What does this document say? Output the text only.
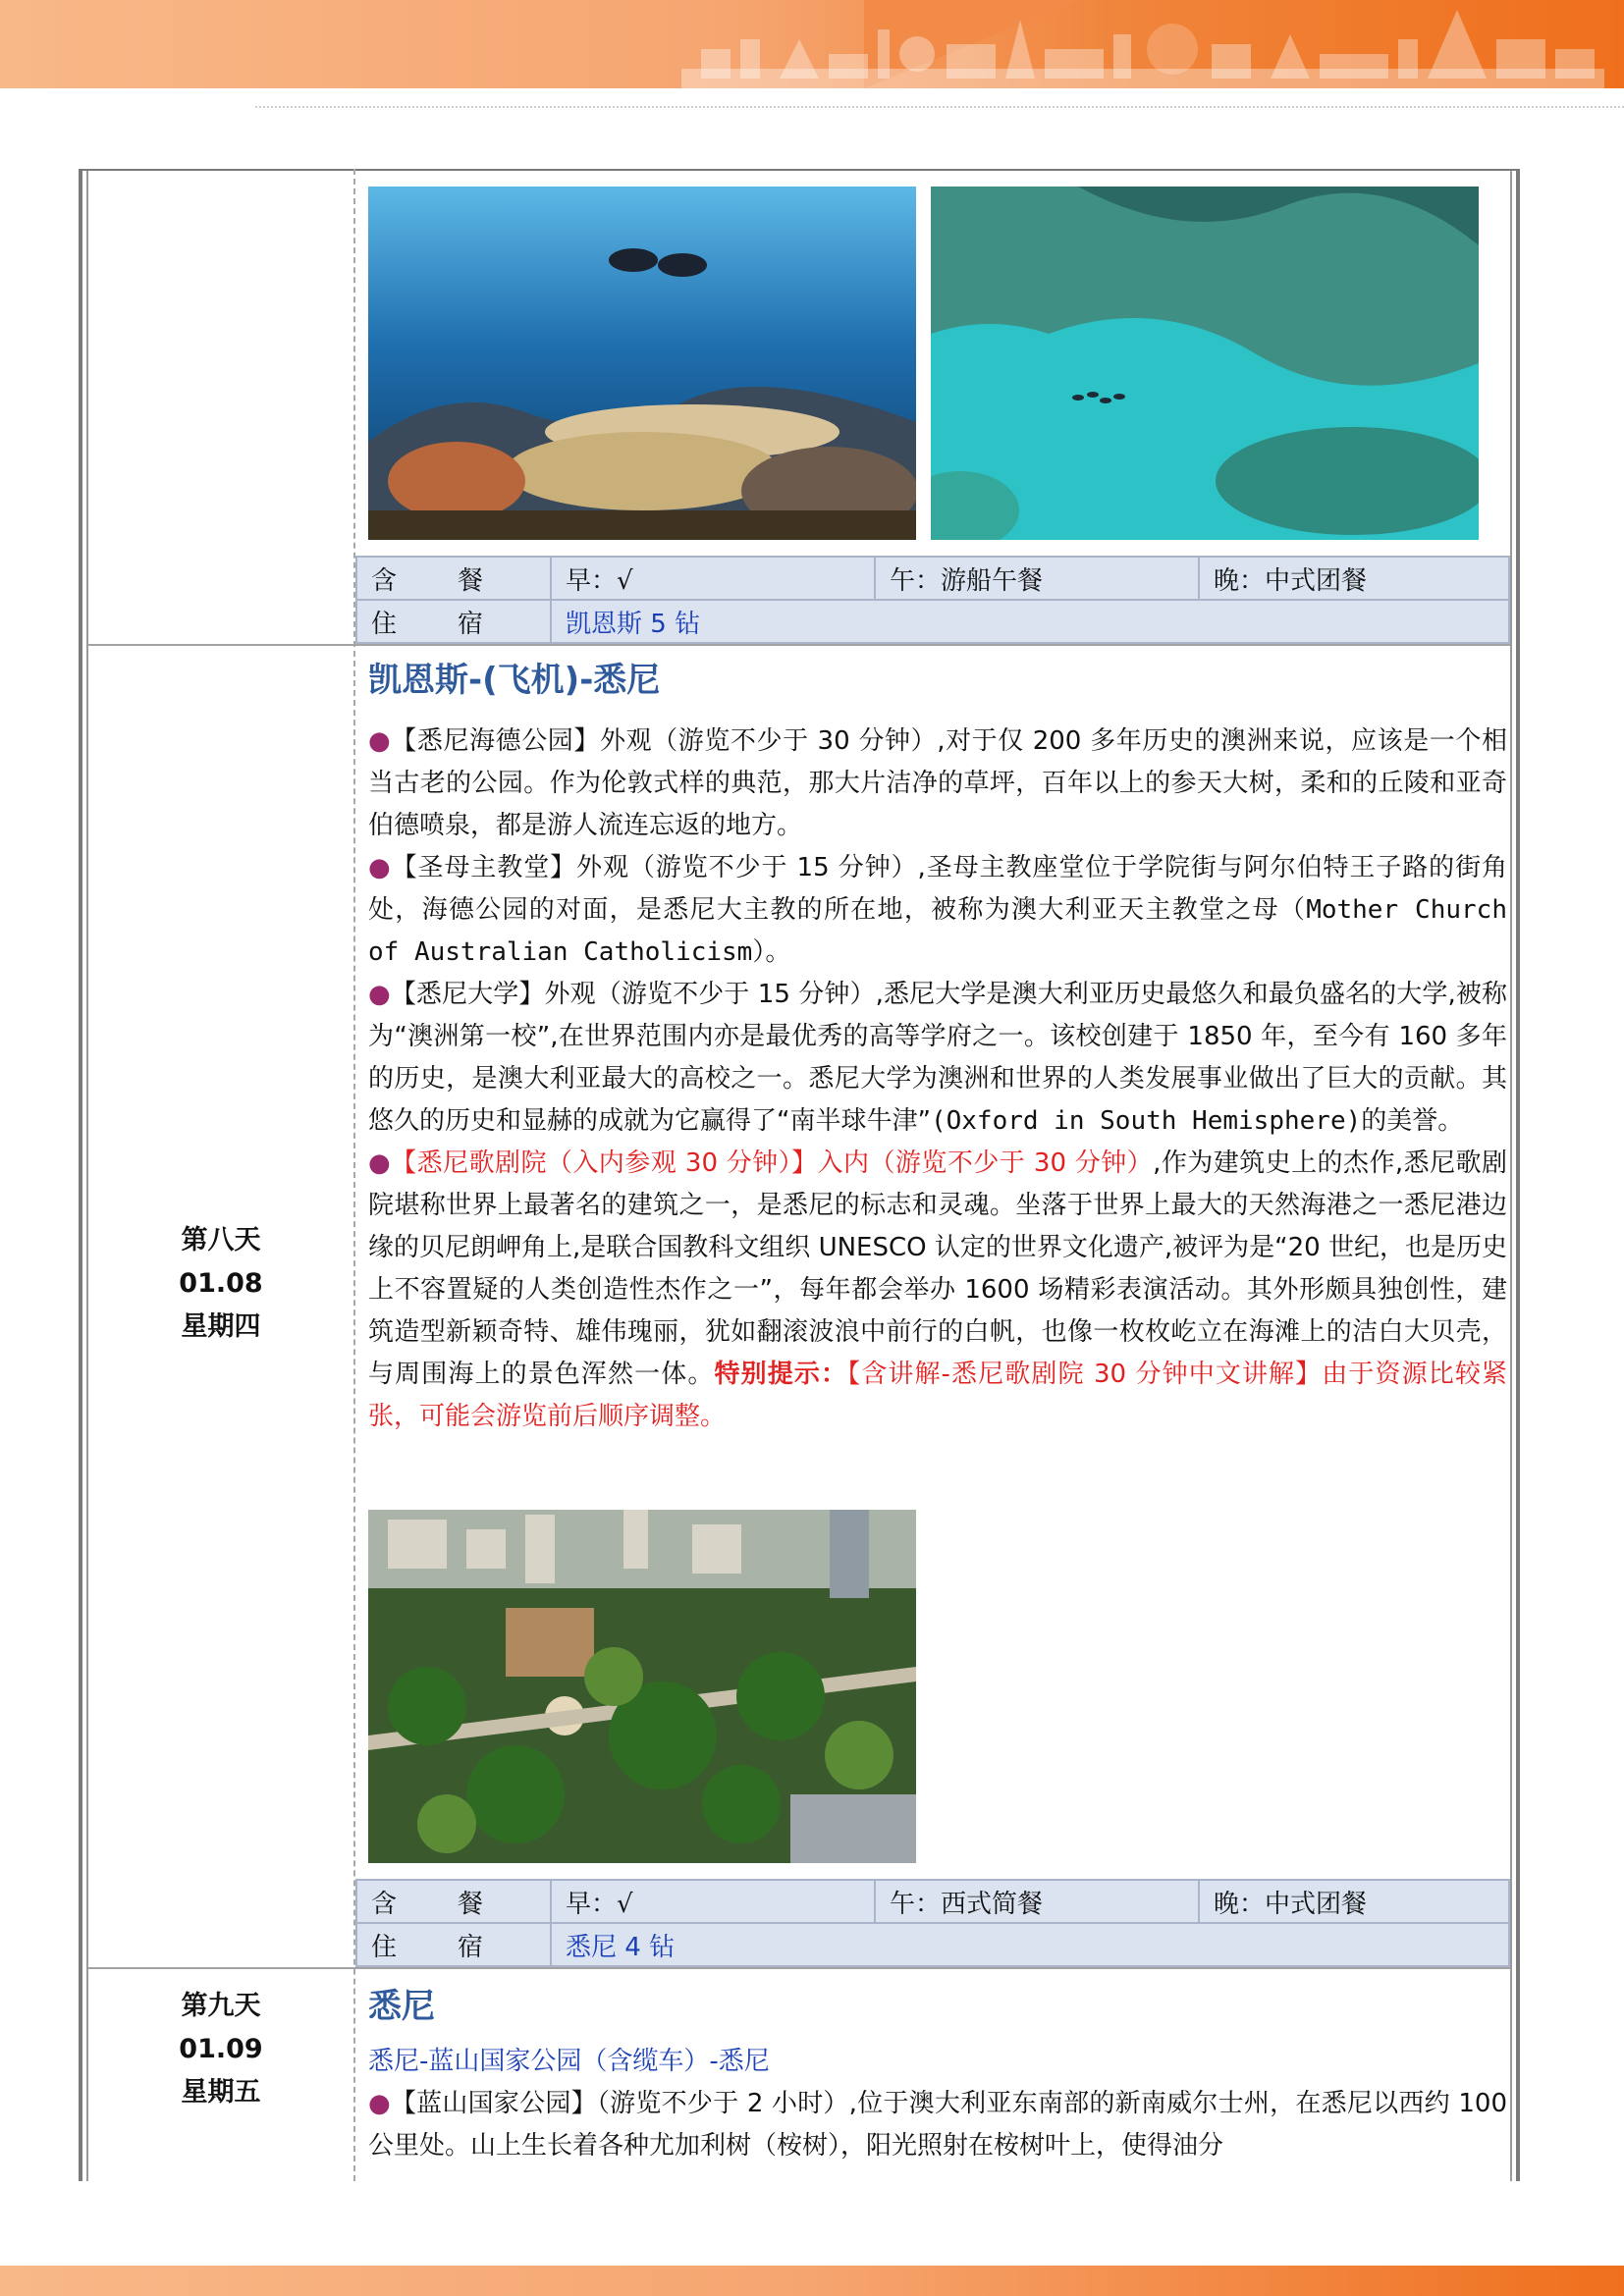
含　餐	早：√	午：游船午餐	晚：中式团餐
住　宿	凯恩斯 5 钻		
第八天
01.08
星期四
凯恩斯-(飞机)-悉尼
●【悉尼海德公园】外观（游览不少于 30 分钟）,对于仅 200 多年历史的澳洲来说，应该是一个相当古老的公园。作为伦敦式样的典范，那大片洁净的草坪，百年以上的参天大树，柔和的丘陵和亚奇伯德喷泉，都是游人流连忘返的地方。
●【圣母主教堂】外观（游览不少于 15 分钟）,圣母主教座堂位于学院街与阿尔伯特王子路的街角处，海德公园的对面，是悉尼大主教的所在地，被称为澳大利亚天主教堂之母（Mother Church of Australian Catholicism）。
●【悉尼大学】外观（游览不少于 15 分钟）,悉尼大学是澳大利亚历史最悠久和最负盛名的大学,被称为“澳洲第一校”,在世界范围内亦是最优秀的高等学府之一。该校创建于 1850 年，至今有 160 多年的历史，是澳大利亚最大的高校之一。悉尼大学为澳洲和世界的人类发展事业做出了巨大的贡献。其悠久的历史和显赫的成就为它赢得了“南半球牛津”(Oxford in South Hemisphere)的美誉。
●【悉尼歌剧院（入内参观 30 分钟）】入内（游览不少于 30 分钟）,作为建筑史上的杰作,悉尼歌剧院堪称世界上最著名的建筑之一，是悉尼的标志和灵魂。坐落于世界上最大的天然海港之一悉尼港边缘的贝尼朗岬角上,是联合国教科文组织 UNESCO 认定的世界文化遗产,被评为是“20 世纪，也是历史上不容置疑的人类创造性杰作之一”，每年都会举办 1600 场精彩表演活动。其外形颇具独创性，建筑造型新颖奇特、雄伟瑰丽，犹如翻滚波浪中前行的白帆，也像一枚枚屹立在海滩上的洁白大贝壳，与周围海上的景色浑然一体。特别提示：【含讲解-悉尼歌剧院 30 分钟中文讲解】由于资源比较紧张，可能会游览前后顺序调整。
含　餐	早：√	午：西式简餐	晚：中式团餐
住　宿	悉尼 4 钻		
第九天
01.09
星期五
悉尼
悉尼-蓝山国家公园（含缆车）-悉尼
●【蓝山国家公园】（游览不少于 2 小时）,位于澳大利亚东南部的新南威尔士州，在悉尼以西约 100 公里处。山上生长着各种尤加利树（桉树），阳光照射在桉树叶上，使得油分
